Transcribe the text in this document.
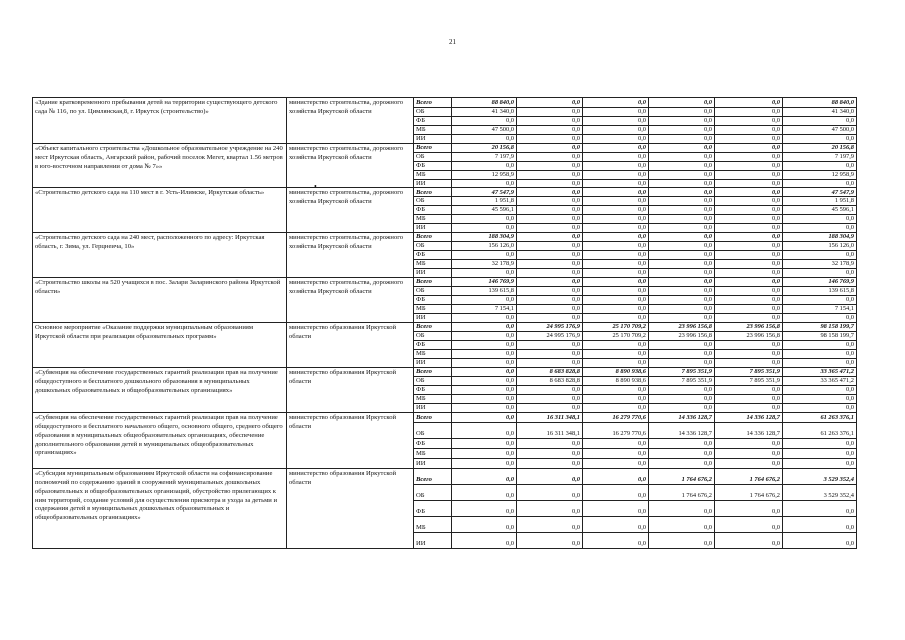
21
«Здание кратковременного пребывания детей на территории существующего детского сада № 116, по ул. Цимлянская,8, г. Иркутск (строительство)»	министерство строительства, дорожного хозяйства Иркутской области	Всего	88 840,0	0,0	0,0	0,0	0,0	88 840,0
		ОБ	41 340,0	0,0	0,0	0,0	0,0	41 340,0
		ФБ	0,0	0,0	0,0	0,0	0,0	0,0
		МБ	47 500,0	0,0	0,0	0,0	0,0	47 500,0
		ИИ	0,0	0,0	0,0	0,0	0,0	0,0
«Объект капитального строительства «Дошкольное образовательное учреждение на 240 мест Иркутская область, Ангарский район, рабочий поселок Мегет, квартал 1.56 метров в юго-восточном направлении от дома № 7»»	министерство строительства, дорожного хозяйства Иркутской области	Всего	20 156,8	0,0	0,0	0,0	0,0	20 156,8
		ОБ	7 197,9	0,0	0,0	0,0	0,0	7 197,9
		ФБ	0,0	0,0	0,0	0,0	0,0	0,0
		МБ	12 958,9	0,0	0,0	0,0	0,0	12 958,9
		ИИ	0,0	0,0	0,0	0,0	0,0	0,0
«Строительство детского сада на 110 мест в г. Усть-Илимске, Иркутская область»	министерство строительства, дорожного хозяйства Иркутской области	Всего	47 547,9	0,0	0,0	0,0	0,0	47 547,9
		ОБ	1 951,8	0,0	0,0	0,0	0,0	1 951,8
		ФБ	45 596,1	0,0	0,0	0,0	0,0	45 596,1
		МБ	0,0	0,0	0,0	0,0	0,0	0,0
		ИИ	0,0	0,0	0,0	0,0	0,0	0,0
«Строительство детского сада на 240 мест, расположенного по адресу: Иркутская область, г. Зима, ул. Герцнеича, 10»	министерство строительства, дорожного хозяйства Иркутской области	Всего	188 304,9	0,0	0,0	0,0	0,0	188 304,9
		ОБ	156 126,0	0,0	0,0	0,0	0,0	156 126,0
		ФБ	0,0	0,0	0,0	0,0	0,0	0,0
		МБ	32 178,9	0,0	0,0	0,0	0,0	32 178,9
		ИИ	0,0	0,0	0,0	0,0	0,0	0,0
«Строительство школы на 520 учащихся в пос. Залари Заларинского района Иркутской области»	министерство строительства, дорожного хозяйства Иркутской области	Всего	146 769,9	0,0	0,0	0,0	0,0	146 769,9
		ОБ	139 615,8	0,0	0,0	0,0	0,0	139 615,8
		ФБ	0,0	0,0	0,0	0,0	0,0	0,0
		МБ	7 154,1	0,0	0,0	0,0	0,0	7 154,1
		ИИ	0,0	0,0	0,0	0,0	0,0	0,0
Основное мероприятие «Оказание поддержки муниципальным образованиям Иркутской области при реализации образовательных программ»	министерство образования Иркутской области	Всего	0,0	24 995 176,9	25 170 709,2	23 996 156,8	23 996 156,8	98 158 199,7
		ОБ	0,0	24 995 176,9	25 170 709,2	23 996 156,8	23 996 156,8	98 158 199,7
		ФБ	0,0	0,0	0,0	0,0	0,0	0,0
		МБ	0,0	0,0	0,0	0,0	0,0	0,0
		ИИ	0,0	0,0	0,0	0,0	0,0	0,0
«Субвенция на обеспечение государственных гарантий реализации прав на получение общедоступного и бесплатного дошкольного образования в муниципальных дошкольных образовательных и общеобразовательных организациях»	министерство образования Иркутской области	Всего	0,0	8 683 828,8	8 890 938,6	7 895 351,9	7 895 351,9	33 365 471,2
		ОБ	0,0	8 683 828,8	8 890 938,6	7 895 351,9	7 895 351,9	33 365 471,2
		ФБ	0,0	0,0	0,0	0,0	0,0	0,0
		МБ	0,0	0,0	0,0	0,0	0,0	0,0
		ИИ	0,0	0,0	0,0	0,0	0,0	0,0
«Субвенция на обеспечение государственных гарантий реализации прав на получение общедоступного и бесплатного начального общего, основного общего, среднего общего образования в муниципальных общеобразовательных организациях, обеспечение дополнительного образования детей в муниципальных общеобразовательных организациях»	министерство образования Иркутской области	Всего	0,0	16 311 348,1	16 279 770,6	14 336 128,7	14 336 128,7	61 263 376,1
		ОБ	0,0	16 311 348,1	16 279 770,6	14 336 128,7	14 336 128,7	61 263 376,1
		ФБ	0,0	0,0	0,0	0,0	0,0	0,0
		МБ	0,0	0,0	0,0	0,0	0,0	0,0
		ИИ	0,0	0,0	0,0	0,0	0,0	0,0
«Субсидия муниципальным образованиям Иркутской области на софинансирование полномочий по содержанию зданий в сооружений муниципальных дошкольных образовательных и общеобразовательных организаций, обустройство прилегающих к ним территорий, создание условий для осуществления присмотра и ухода за детьми и содержания детей в муниципальных дошкольных образовательных и общеобразовательных организациях»	министерство образования Иркутской области	Всего	0,0	0,0	0,0	1 764 676,2	1 764 676,2	3 529 352,4
		ОБ	0,0	0,0	0,0	1 764 676,2	1 764 676,2	3 529 352,4
		ФБ	0,0	0,0	0,0	0,0	0,0	0,0
		МБ	0,0	0,0	0,0	0,0	0,0	0,0
		ИИ	0,0	0,0	0,0	0,0	0,0	0,0
•
